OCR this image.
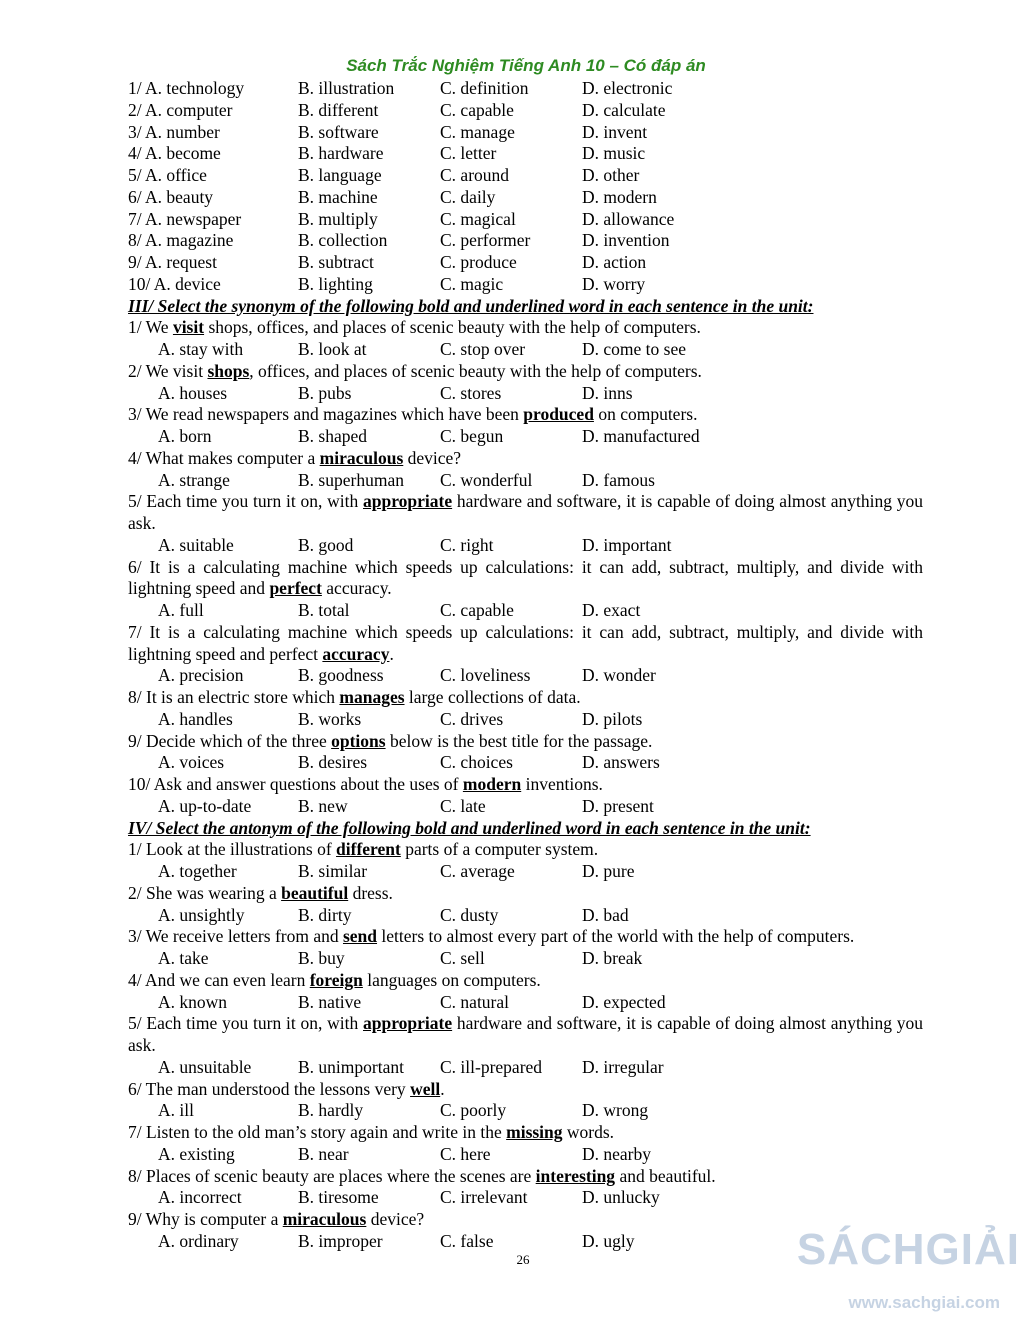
Sách Trắc Nghiệm Tiếng Anh 10 – Có đáp án
1/ A. technology	B. illustration	C. definition	D. electronic
2/ A. computer	B. different	C. capable	D. calculate
3/ A. number	B. software	C. manage	D. invent
4/ A. become	B. hardware	C. letter	D. music
5/ A. office	B. language	C. around	D. other
6/ A. beauty	B. machine	C. daily	D. modern
7/ A. newspaper	B. multiply	C. magical	D. allowance
8/ A. magazine	B. collection	C. performer	D. invention
9/ A. request	B. subtract	C. produce	D. action
10/ A. device	B. lighting	C. magic	D. worry
III/ Select the synonym of the following bold and underlined word in each sentence in the unit:
1/ We visit shops, offices, and places of scenic beauty with the help of computers.
A. stay with	B. look at	C. stop over	D. come to see
2/ We visit shops, offices, and places of scenic beauty with the help of computers.
A. houses	B. pubs	C. stores	D. inns
3/ We read newspapers and magazines which have been produced on computers.
A. born	B. shaped	C. begun	D. manufactured
4/ What makes computer a miraculous device?
A. strange	B. superhuman C. wonderful	D. famous
5/ Each time you turn it on, with appropriate hardware and software, it is capable of doing almost anything you ask.
A. suitable	B. good	C. right	D. important
6/ It is a calculating machine which speeds up calculations: it can add, subtract, multiply, and divide with lightning speed and perfect accuracy.
A. full	B. total	C. capable	D. exact
7/ It is a calculating machine which speeds up calculations: it can add, subtract, multiply, and divide with lightning speed and perfect accuracy.
A. precision	B. goodness	C. loveliness	D. wonder
8/ It is an electric store which manages large collections of data.
A. handles	B. works	C. drives	D. pilots
9/ Decide which of the three options below is the best title for the passage.
A. voices	B. desires	C. choices	D. answers
10/ Ask and answer questions about the uses of modern inventions.
A. up-to-date	B. new	C. late	D. present
IV/ Select the antonym of the following bold and underlined word in each sentence in the unit:
1/ Look at the illustrations of different parts of a computer system.
A. together	B. similar	C. average	D. pure
2/ She was wearing a beautiful dress.
A. unsightly	B. dirty	C. dusty	D. bad
3/ We receive letters from and send letters to almost every part of the world with the help of computers.
A. take	B. buy	C. sell	D. break
4/ And we can even learn foreign languages on computers.
A. known	B. native	C. natural	D. expected
5/ Each time you turn it on, with appropriate hardware and software, it is capable of doing almost anything you ask.
A. unsuitable	B. unimportant C. ill-prepared D. irregular
6/ The man understood the lessons very well.
A. ill	B. hardly	C. poorly	D. wrong
7/ Listen to the old man’s story again and write in the missing words.
A. existing	B. near	C. here	D. nearby
8/ Places of scenic beauty are places where the scenes are interesting and beautiful.
A. incorrect	B. tiresome	C. irrelevant	D. unlucky
9/ Why is computer a miraculous device?
A. ordinary	B. improper	C. false	D. ugly
26	SÁCHGIẢI
www.sachgiai.com
